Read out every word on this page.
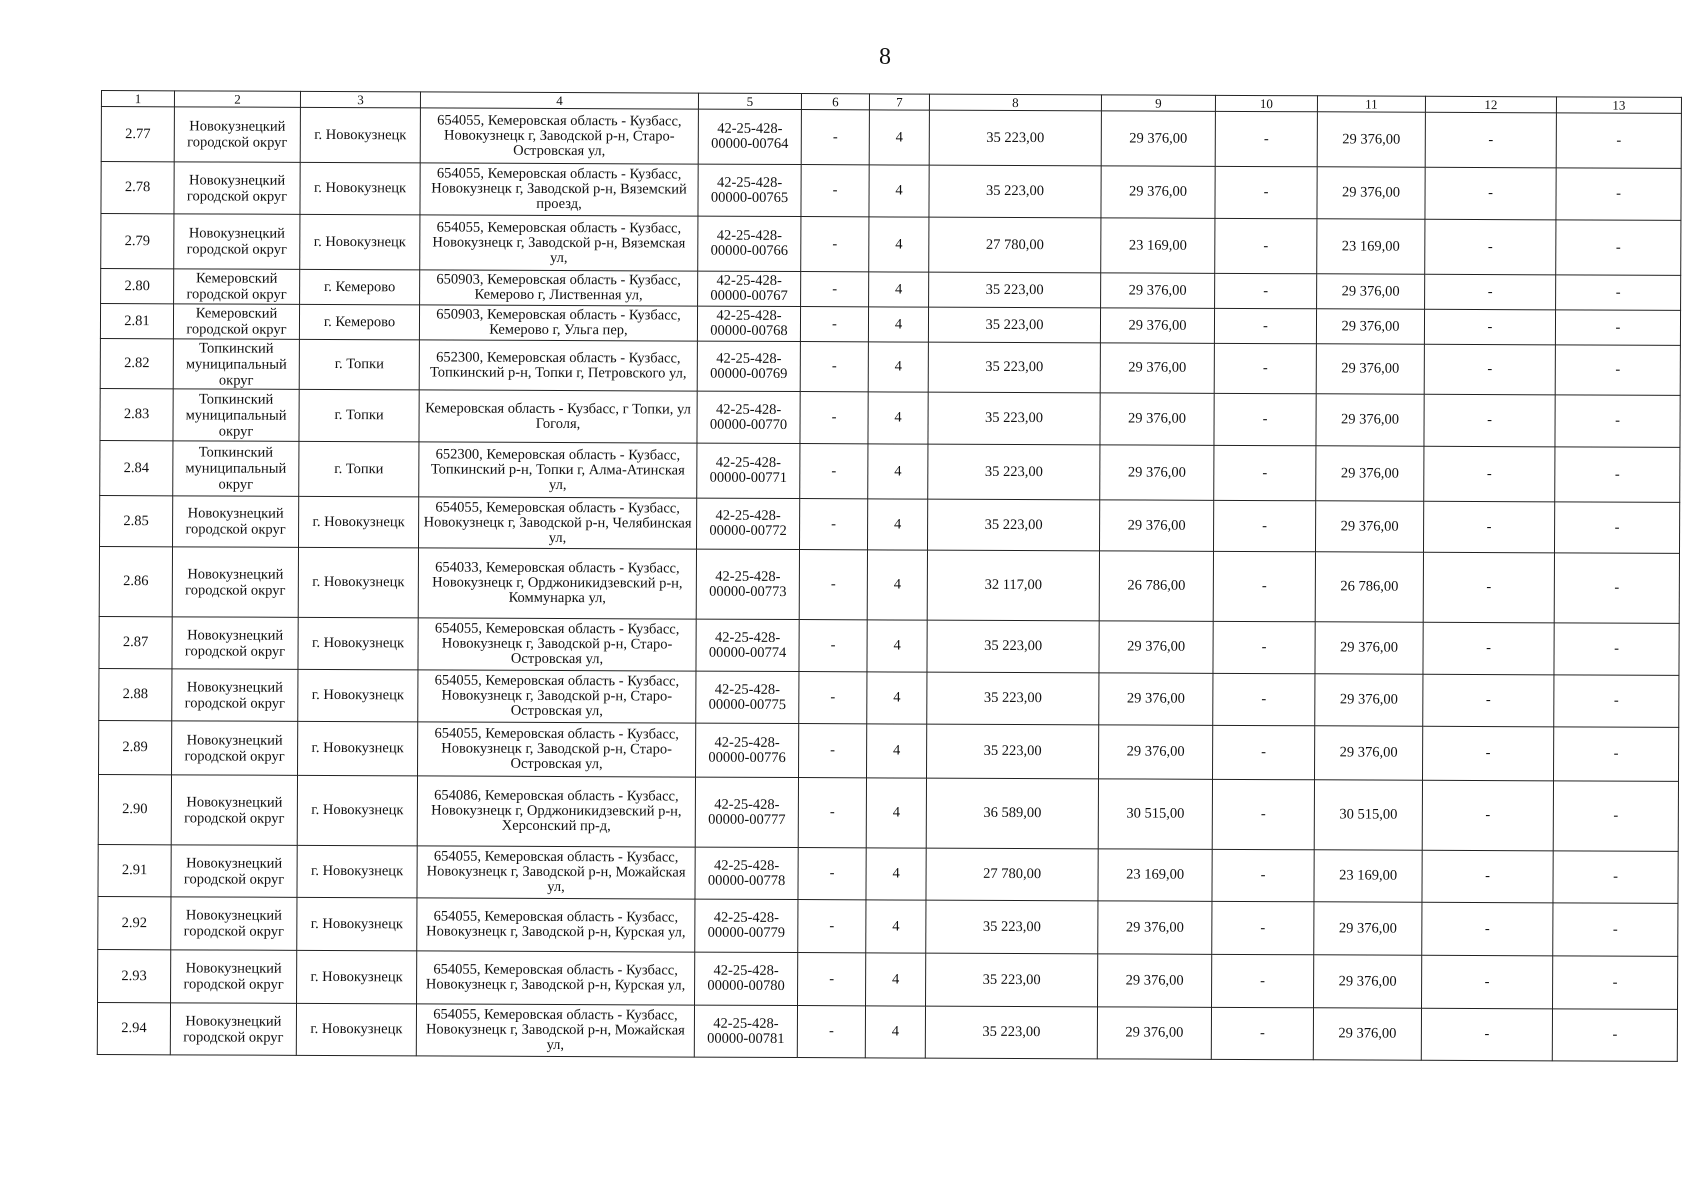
8
1	2	3	4	5	6	7	8	9	10	11	12	13
2.77	Новокузнецкий городской округ	г. Новокузнецк	654055, Кемеровская область - Кузбасс, Новокузнецк г, Заводской р-н, Старо-Островская ул,	42-25-428-00000-00764	-	4	35 223,00	29 376,00	-	29 376,00	-	-
2.78	Новокузнецкий городской округ	г. Новокузнецк	654055, Кемеровская область - Кузбасс, Новокузнецк г, Заводской р-н, Вяземский проезд,	42-25-428-00000-00765	-	4	35 223,00	29 376,00	-	29 376,00	-	-
2.79	Новокузнецкий городской округ	г. Новокузнецк	654055, Кемеровская область - Кузбасс, Новокузнецк г, Заводской р-н, Вяземская ул,	42-25-428-00000-00766	-	4	27 780,00	23 169,00	-	23 169,00	-	-
2.80	Кемеровский городской округ	г. Кемерово	650903, Кемеровская область - Кузбасс, Кемерово г, Лиственная ул,	42-25-428-00000-00767	-	4	35 223,00	29 376,00	-	29 376,00	-	-
2.81	Кемеровский городской округ	г. Кемерово	650903, Кемеровская область - Кузбасс, Кемерово г, Ульга пер,	42-25-428-00000-00768	-	4	35 223,00	29 376,00	-	29 376,00	-	-
2.82	Топкинский муниципальный округ	г. Топки	652300, Кемеровская область - Кузбасс, Топкинский р-н, Топки г, Петровского ул,	42-25-428-00000-00769	-	4	35 223,00	29 376,00	-	29 376,00	-	-
2.83	Топкинский муниципальный округ	г. Топки	Кемеровская область - Кузбасс, г Топки, ул Гоголя,	42-25-428-00000-00770	-	4	35 223,00	29 376,00	-	29 376,00	-	-
2.84	Топкинский муниципальный округ	г. Топки	652300, Кемеровская область - Кузбасс, Топкинский р-н, Топки г, Алма-Атинская ул,	42-25-428-00000-00771	-	4	35 223,00	29 376,00	-	29 376,00	-	-
2.85	Новокузнецкий городской округ	г. Новокузнецк	654055, Кемеровская область - Кузбасс, Новокузнецк г, Заводской р-н, Челябинская ул,	42-25-428-00000-00772	-	4	35 223,00	29 376,00	-	29 376,00	-	-
2.86	Новокузнецкий городской округ	г. Новокузнецк	654033, Кемеровская область - Кузбасс, Новокузнецк г, Орджоникидзевский р-н, Коммунарка ул,	42-25-428-00000-00773	-	4	32 117,00	26 786,00	-	26 786,00	-	-
2.87	Новокузнецкий городской округ	г. Новокузнецк	654055, Кемеровская область - Кузбасс, Новокузнецк г, Заводской р-н, Старо-Островская ул,	42-25-428-00000-00774	-	4	35 223,00	29 376,00	-	29 376,00	-	-
2.88	Новокузнецкий городской округ	г. Новокузнецк	654055, Кемеровская область - Кузбасс, Новокузнецк г, Заводской р-н, Старо-Островская ул,	42-25-428-00000-00775	-	4	35 223,00	29 376,00	-	29 376,00	-	-
2.89	Новокузнецкий городской округ	г. Новокузнецк	654055, Кемеровская область - Кузбасс, Новокузнецк г, Заводской р-н, Старо-Островская ул,	42-25-428-00000-00776	-	4	35 223,00	29 376,00	-	29 376,00	-	-
2.90	Новокузнецкий городской округ	г. Новокузнецк	654086, Кемеровская область - Кузбасс, Новокузнецк г, Орджоникидзевский р-н, Херсонский пр-д,	42-25-428-00000-00777	-	4	36 589,00	30 515,00	-	30 515,00	-	-
2.91	Новокузнецкий городской округ	г. Новокузнецк	654055, Кемеровская область - Кузбасс, Новокузнецк г, Заводской р-н, Можайская ул,	42-25-428-00000-00778	-	4	27 780,00	23 169,00	-	23 169,00	-	-
2.92	Новокузнецкий городской округ	г. Новокузнецк	654055, Кемеровская область - Кузбасс, Новокузнецк г, Заводской р-н, Курская ул,	42-25-428-00000-00779	-	4	35 223,00	29 376,00	-	29 376,00	-	-
2.93	Новокузнецкий городской округ	г. Новокузнецк	654055, Кемеровская область - Кузбасс, Новокузнецк г, Заводской р-н, Курская ул,	42-25-428-00000-00780	-	4	35 223,00	29 376,00	-	29 376,00	-	-
2.94	Новокузнецкий городской округ	г. Новокузнецк	654055, Кемеровская область - Кузбасс, Новокузнецк г, Заводской р-н, Можайская ул,	42-25-428-00000-00781	-	4	35 223,00	29 376,00	-	29 376,00	-	-
